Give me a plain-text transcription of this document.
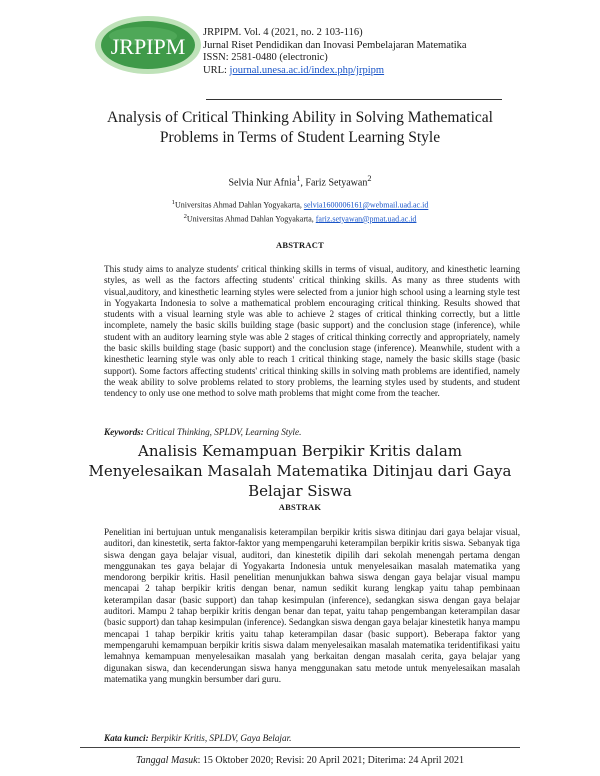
JRPIPM
JRPIPM. Vol. 4 (2021, no. 2 103-116)
Jurnal Riset Pendidikan dan Inovasi Pembelajaran Matematika
ISSN: 2581-0480 (electronic)
URL: journal.unesa.ac.id/index.php/jrpipm
Analysis of Critical Thinking Ability in Solving Mathematical Problems in Terms of Student Learning Style
Selvia Nur Afnia$^1$, Fariz Setyawan$^2$
$^1$Universitas Ahmad Dahlan Yogyakarta, selvia1600006161@webmail.uad.ac.id
$^2$Universitas Ahmad Dahlan Yogyakarta, fariz.setyawan@pmat.uad.ac.id
ABSTRACT
This study aims to analyze students' critical thinking skills in terms of visual, auditory, and kinesthetic learning styles, as well as the factors affecting students' critical thinking skills. As many as three students with visual,auditory, and kinesthetic learning styles were selected from a junior high school using a learning style test in Yogyakarta Indonesia to solve a mathematical problem encouraging critical thinking. Results showed that students with a visual learning style was able to achieve 2 stages of critical thinking correctly, but a little incomplete, namely the basic skills building stage (basic support) and the conclusion stage (inference), while student with an auditory learning style was able 2 stages of critical thinking correctly and appropriately, namely the basic skills building stage (basic support) and the conclusion stage (inference). Meanwhile, student with a kinesthetic learning style was only able to reach 1 critical thinking stage, namely the basic skills stage (basic support). Some factors affecting students' critical thinking skills in solving math problems are identified, namely the weak ability to solve problems related to story problems, the learning styles used by students, and student tendency to only use one method to solve math problems that might come from the teacher.
Keywords: Critical Thinking, SPLDV, Learning Style.
Analisis Kemampuan Berpikir Kritis dalam Menyelesaikan Masalah Matematika Ditinjau dari Gaya Belajar Siswa
ABSTRAK
Penelitian ini bertujuan untuk menganalisis keterampilan berpikir kritis siswa ditinjau dari gaya belajar visual, auditori, dan kinestetik, serta faktor-faktor yang mempengaruhi keterampilan berpikir kritis siswa. Sebanyak tiga siswa dengan gaya belajar visual, auditori, dan kinestetik dipilih dari sekolah menengah pertama dengan menggunakan tes gaya belajar di Yogyakarta Indonesia untuk menyelesaikan masalah matematika yang mendorong berpikir kritis. Hasil penelitian menunjukkan bahwa siswa dengan gaya belajar visual mampu mencapai 2 tahap berpikir kritis dengan benar, namun sedikit kurang lengkap yaitu tahap pembinaan keterampilan dasar (basic support) dan tahap kesimpulan (inference), sedangkan siswa dengan gaya belajar auditori. Mampu 2 tahap berpikir kritis dengan benar dan tepat, yaitu tahap pengembangan keterampilan dasar (basic support) dan tahap kesimpulan (inference). Sedangkan siswa dengan gaya belajar kinestetik hanya mampu mencapai 1 tahap berpikir kritis yaitu tahap keterampilan dasar (basic support). Beberapa faktor yang mempengaruhi kemampuan berpikir kritis siswa dalam menyelesaikan masalah matematika teridentifikasi yaitu lemahnya kemampuan menyelesaikan masalah yang berkaitan dengan masalah cerita, gaya belajar yang digunakan siswa, dan kecenderungan siswa hanya menggunakan satu metode untuk menyelesaikan masalah matematika yang mungkin bersumber dari guru.
Kata kunci: Berpikir Kritis, SPLDV, Gaya Belajar.
Tanggal Masuk: 15 Oktober 2020; Revisi: 20 April 2021; Diterima: 24 April 2021
